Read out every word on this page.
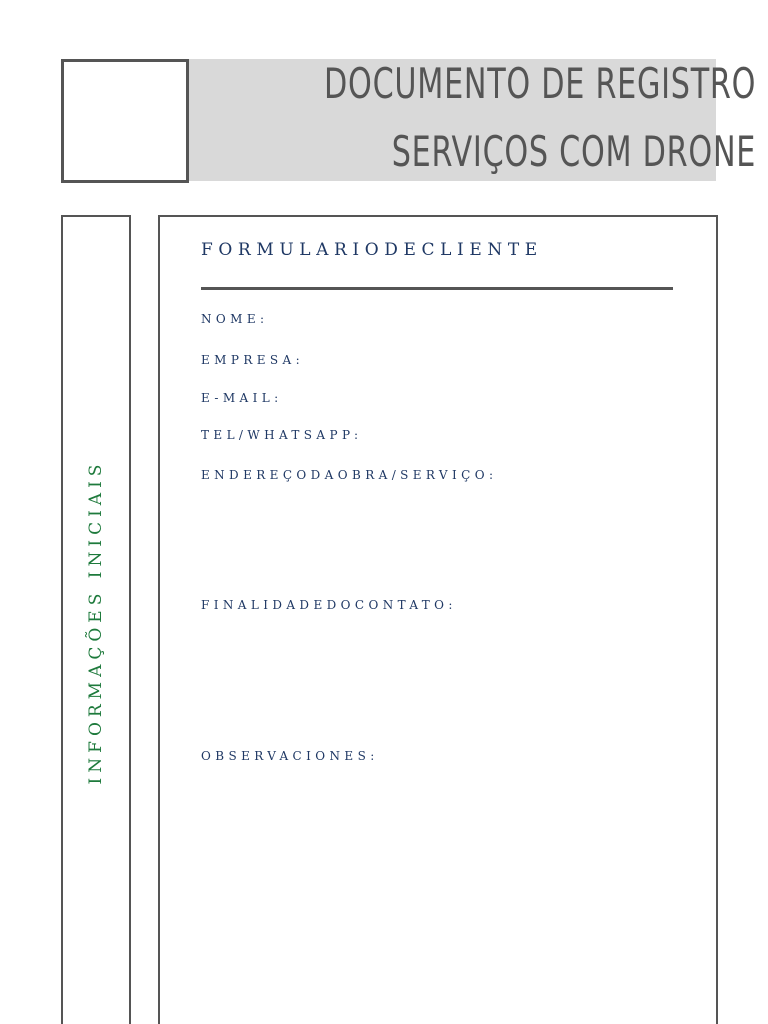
DOCUMENTO DE REGISTRO
SERVIÇOS COM DRONE
INFORMAÇÕES INICIAIS
FORMULARIODECLIENTE
NOME:
EMPRESA:
E-MAIL:
TEL/WHATSAPP:
ENDEREÇODAOBRA/SERVIÇO:
FINALIDADEDOCONTATO:
OBSERVACIONES:
